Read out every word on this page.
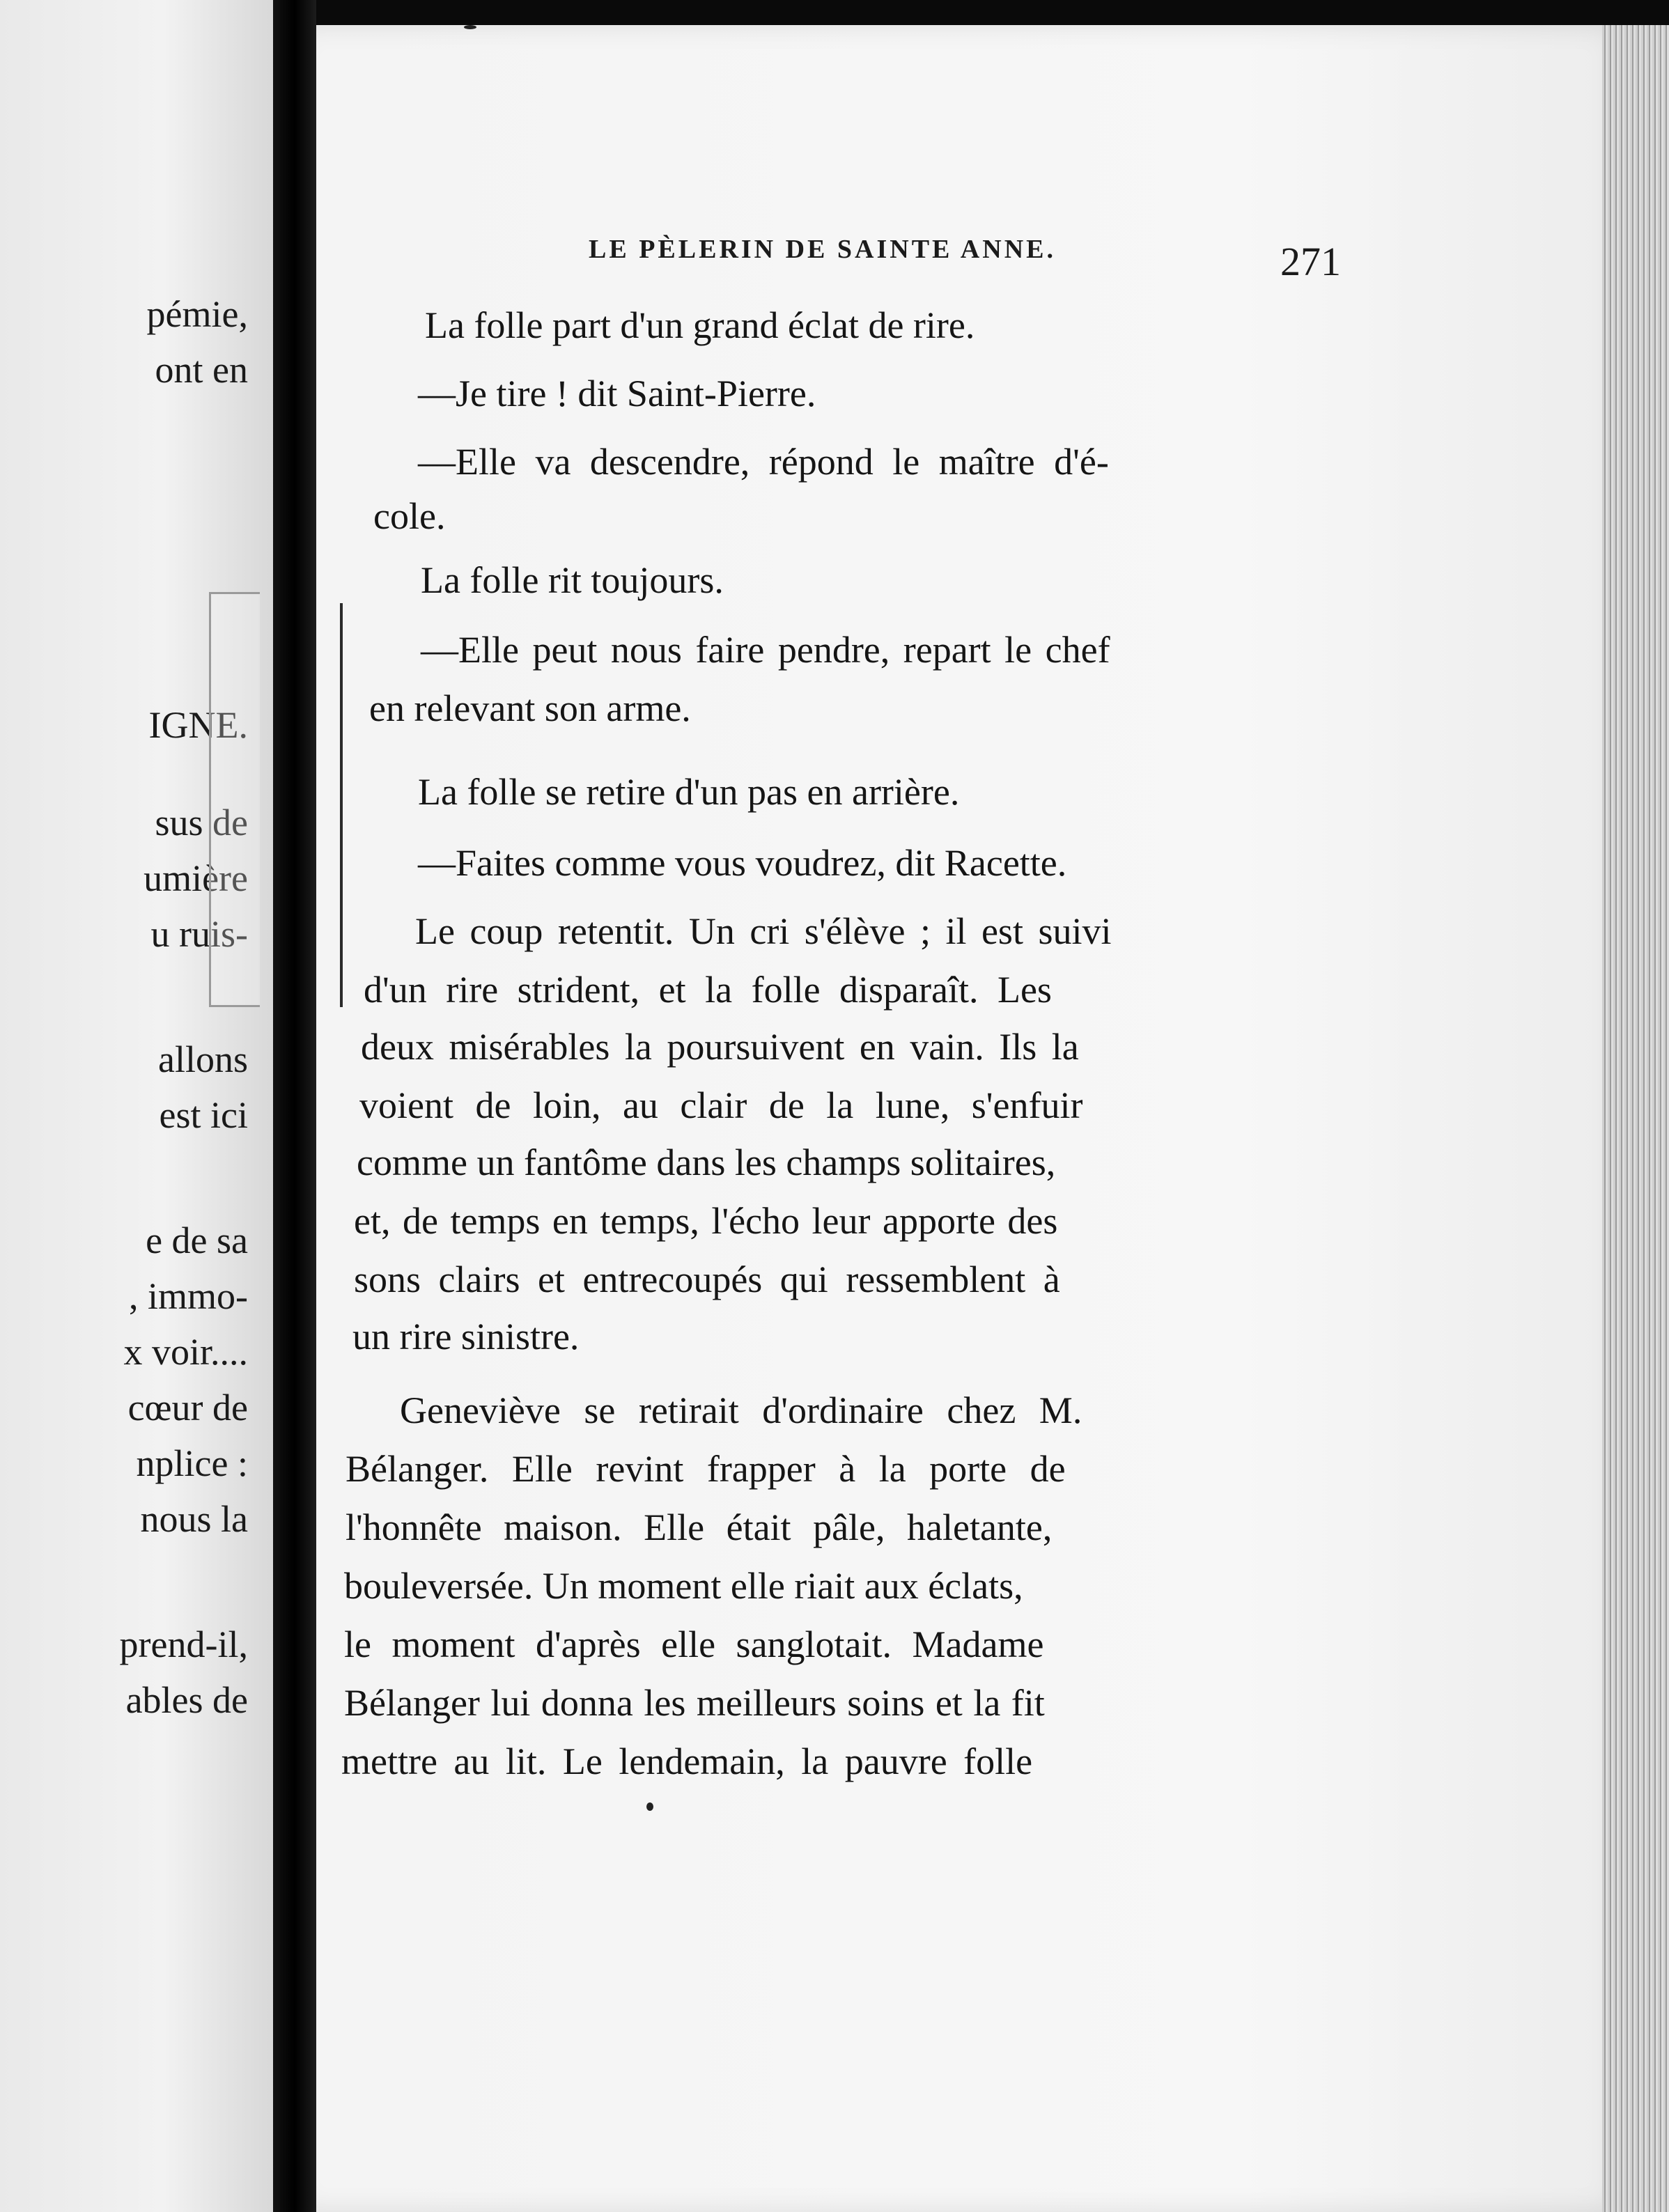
pémie,
ont en
IGNE.
sus de
umière
u ruis-
allons
est ici
e de sa
, immo-
x voir....
cœur de
nplice :
nous la
prend-il,
ables de
LE PÈLERIN DE SAINTE ANNE.	271
La folle part d'un grand éclat de rire.
—Je tire ! dit Saint-Pierre.
—Elle va descendre, répond le maître d'é-
cole.
La folle rit toujours.
—Elle peut nous faire pendre, repart le chef
en relevant son arme.
La folle se retire d'un pas en arrière.
—Faites comme vous voudrez, dit Racette.
Le coup retentit. Un cri s'élève ; il est suivi
d'un rire strident, et la folle disparaît. Les
deux misérables la poursuivent en vain. Ils la
voient de loin, au clair de la lune, s'enfuir
comme un fantôme dans les champs solitaires,
et, de temps en temps, l'écho leur apporte des
sons clairs et entrecoupés qui ressemblent à
un rire sinistre.
Geneviève se retirait d'ordinaire chez M.
Bélanger. Elle revint frapper à la porte de
l'honnête maison. Elle était pâle, haletante,
bouleversée. Un moment elle riait aux éclats,
le moment d'après elle sanglotait. Madame
Bélanger lui donna les meilleurs soins et la fit
mettre au lit. Le lendemain, la pauvre folle
